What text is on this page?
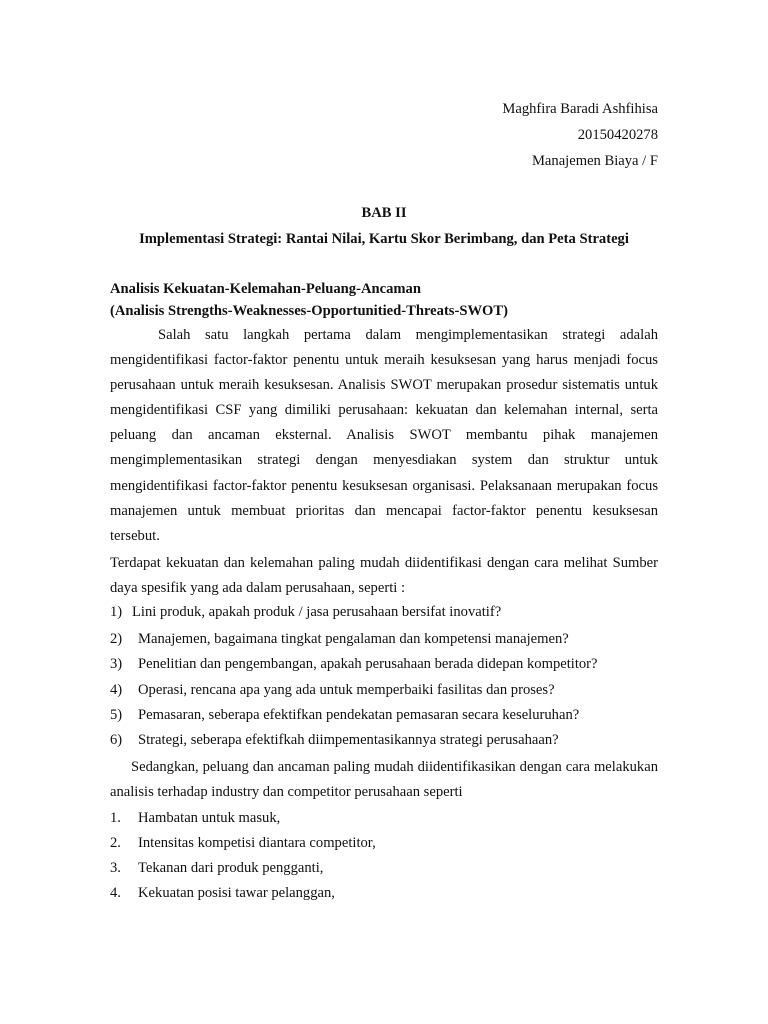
Maghfira Baradi Ashfihisa
20150420278
Manajemen Biaya / F
BAB II
Implementasi Strategi: Rantai Nilai, Kartu Skor Berimbang, dan Peta Strategi
Analisis Kekuatan-Kelemahan-Peluang-Ancaman
(Analisis Strengths-Weaknesses-Opportunitied-Threats-SWOT)

Salah satu langkah pertama dalam mengimplementasikan strategi adalah mengidentifikasi factor-faktor penentu untuk meraih kesuksesan yang harus menjadi focus perusahaan untuk meraih kesuksesan. Analisis SWOT merupakan prosedur sistematis untuk mengidentifikasi CSF yang dimiliki perusahaan: kekuatan dan kelemahan internal, serta peluang dan ancaman eksternal. Analisis SWOT membantu pihak manajemen mengimplementasikan strategi dengan menyesdiakan system dan struktur untuk mengidentifikasi factor-faktor penentu kesuksesan organisasi. Pelaksanaan merupakan focus manajemen untuk membuat prioritas dan mencapai factor-faktor penentu kesuksesan tersebut.

Terdapat kekuatan dan kelemahan paling mudah diidentifikasi dengan cara melihat Sumber daya spesifik yang ada dalam perusahaan, seperti :

1) Lini produk, apakah produk / jasa perusahaan bersifat inovatif?
2) Manajemen, bagaimana tingkat pengalaman dan kompetensi manajemen?
3) Penelitian dan pengembangan, apakah perusahaan berada didepan kompetitor?
4) Operasi, rencana apa yang ada untuk memperbaiki fasilitas dan proses?
5) Pemasaran, seberapa efektifkan pendekatan pemasaran secara keseluruhan?
6) Strategi, seberapa efektifkah diimpementasikannya strategi perusahaan?

Sedangkan, peluang dan ancaman paling mudah diidentifikasikan dengan cara melakukan analisis terhadap industry dan competitor perusahaan seperti

1. Hambatan untuk masuk,
2. Intensitas kompetisi diantara competitor,
3. Tekanan dari produk pengganti,
4. Kekuatan posisi tawar pelanggan,
